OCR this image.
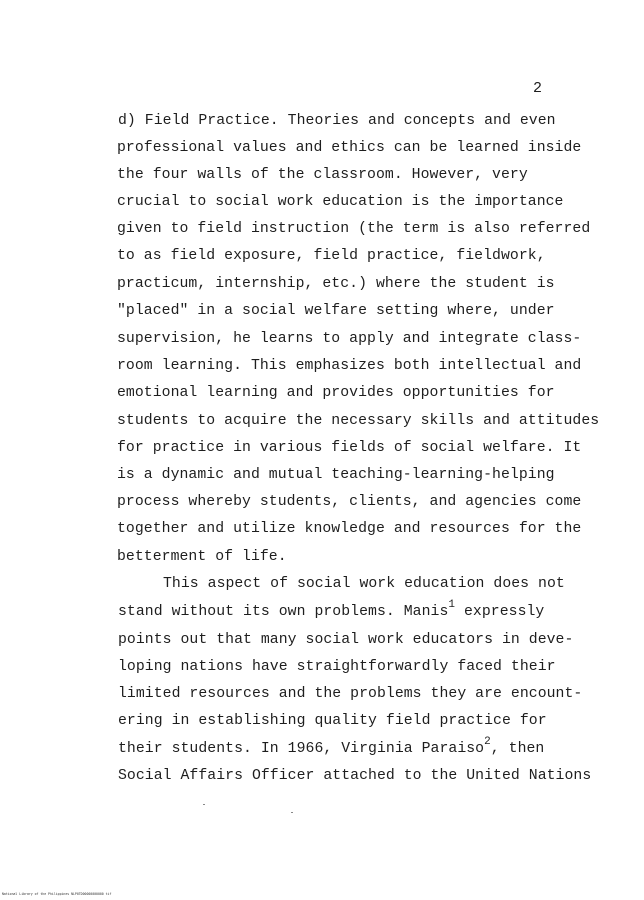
2
d) Field Practice. Theories and concepts and even
professional values and ethics can be learned inside
the four walls of the classroom. However, very
crucial to social work education is the importance
given to field instruction (the term is also referred
to as field exposure, field practice, fieldwork,
practicum, internship, etc.) where the student is
"placed" in a social welfare setting where, under
supervision, he learns to apply and integrate class-
room learning. This emphasizes both intellectual and
emotional learning and provides opportunities for
students to acquire the necessary skills and attitudes
for practice in various fields of social welfare. It
is a dynamic and mutual teaching-learning-helping
process whereby students, clients, and agencies come
together and utilize knowledge and resources for the
betterment of life.
This aspect of social work education does not
stand without its own problems. Manis$^1$ expressly
points out that many social work educators in deve-
loping nations have straightforwardly faced their
limited resources and the problems they are encount-
ering in establishing quality field practice for
their students. In 1966, Virginia Paraiso$^2$, then
Social Affairs Officer attached to the United Nations
National Library of the Philippines NLP0TD00000000000 tif
